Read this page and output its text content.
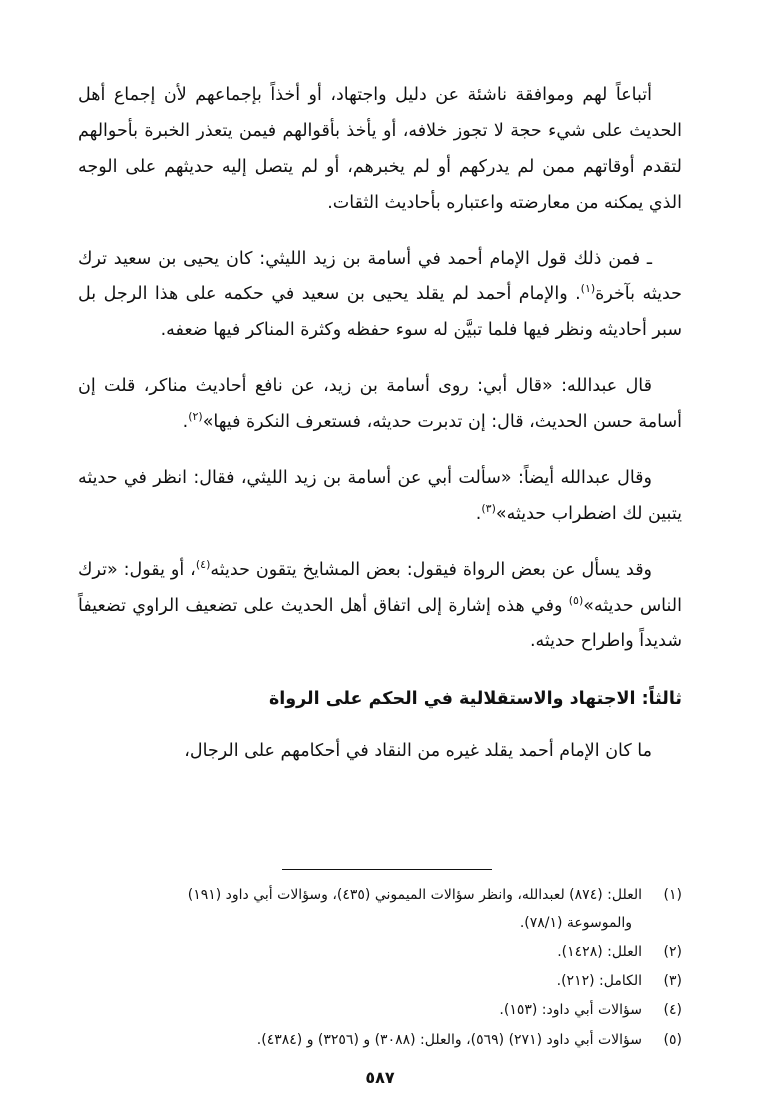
أتباعاً لهم وموافقة ناشئة عن دليل واجتهاد، أو أخذاً بإجماعهم لأن إجماع أهل الحديث على شيء حجة لا تجوز خلافه، أو يأخذ بأقوالهم فيمن يتعذر الخبرة بأحوالهم لتقدم أوقاتهم ممن لم يدركهم أو لم يخبرهم، أو لم يتصل إليه حديثهم على الوجه الذي يمكنه من معارضته واعتباره بأحاديث الثقات.

ـ فمن ذلك قول الإمام أحمد في أسامة بن زيد الليثي: كان يحيى بن سعيد ترك حديثه بآخرة$^{(١)}$. والإمام أحمد لم يقلد يحيى بن سعيد في حكمه على هذا الرجل بل سبر أحاديثه ونظر فيها فلما تبيَّن له سوء حفظه وكثرة المناكر فيها ضعفه.

قال عبدالله: «قال أبي: روى أسامة بن زيد، عن نافع أحاديث مناكر، قلت إن أسامة حسن الحديث، قال: إن تدبرت حديثه، فستعرف النكرة فيها»$^{(٢)}$.

وقال عبدالله أيضاً: «سألت أبي عن أسامة بن زيد الليثي، فقال: انظر في حديثه يتبين لك اضطراب حديثه»$^{(٣)}$.

وقد يسأل عن بعض الرواة فيقول: بعض المشايخ يتقون حديثه$^{(٤)}$، أو يقول: «ترك الناس حديثه»$^{(٥)}$ وفي هذه إشارة إلى اتفاق أهل الحديث على تضعيف الراوي تضعيفاً شديداً واطراح حديثه.

ثالثاً: الاجتهاد والاستقلالية في الحكم على الرواة

ما كان الإمام أحمد يقلد غيره من النقاد في أحكامهم على الرجال،

(١)
العلل: (٨٧٤) لعبدالله، وانظر سؤالات الميموني (٤٣٥)، وسؤالات أبي داود (١٩١)
والموسوعة (٧٨/١).
(٢)
العلل: (١٤٢٨).
(٣)
الكامل: (٢١٢).
(٤)
سؤالات أبي داود: (١٥٣).
(٥)
سؤالات أبي داود (٢٧١) (٥٦٩)، والعلل: (٣٠٨٨) و (٣٢٥٦) و (٤٣٨٤).
٥٨٧
